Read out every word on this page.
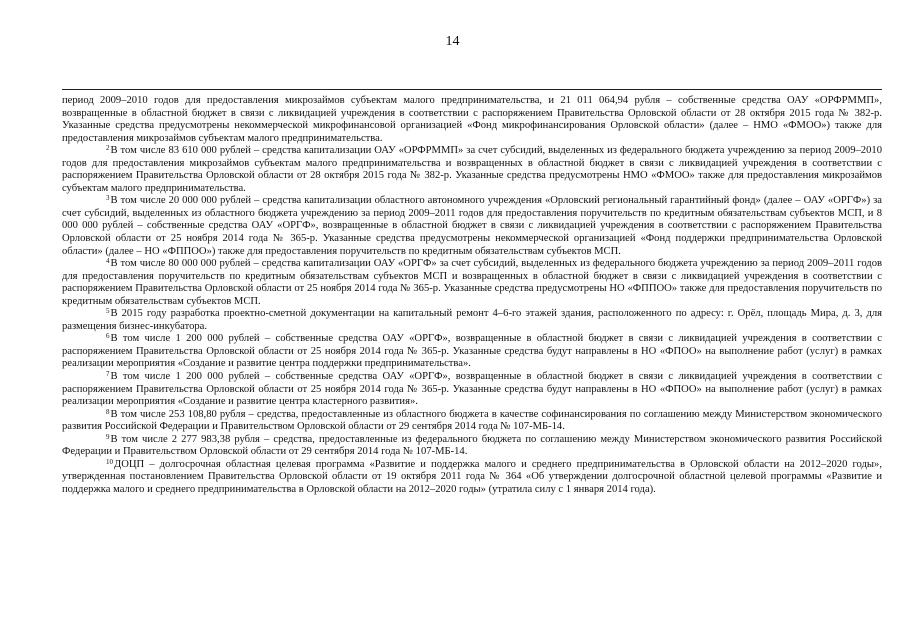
14

период 2009–2010 годов для предоставления микрозаймов субъектам малого предпринимательства, и 21 011 064,94 рубля – собственные средства ОАУ «ОРФРММП», возвращенные в областной бюджет в связи с ликвидацией учреждения в соответствии с распоряжением Правительства Орловской области от 28 октября 2015 года № 382-р. Указанные средства предусмотрены некоммерческой микрофинансовой организацией «Фонд микрофинансирования Орловской области» (далее – НМО «ФМОО») также для предоставления микрозаймов субъектам малого предпринимательства.

$^2$В том числе 83 610 000 рублей – средства капитализации ОАУ «ОРФРММП» за счет субсидий, выделенных из федерального бюджета учреждению за период 2009–2010 годов для предоставления микрозаймов субъектам малого предпринимательства и возвращенных в областной бюджет в связи с ликвидацией учреждения в соответствии с распоряжением Правительства Орловской области от 28 октября 2015 года № 382-р. Указанные средства предусмотрены НМО «ФМОО» также для предоставления микрозаймов субъектам малого предпринимательства.

$^3$В том числе 20 000 000 рублей – средства капитализации областного автономного учреждения «Орловский региональный гарантийный фонд» (далее – ОАУ «ОРГФ») за счет субсидий, выделенных из областного бюджета учреждению за период 2009–2011 годов для предоставления поручительств по кредитным обязательствам субъектов МСП, и 8 000 000 рублей – собственные средства ОАУ «ОРГФ», возвращенные в областной бюджет в связи с ликвидацией учреждения в соответствии с распоряжением Правительства Орловской области от 25 ноября 2014 года № 365-р. Указанные средства предусмотрены некоммерческой организацией «Фонд поддержки предпринимательства Орловской области» (далее – НО «ФППОО») также для предоставления поручительств по кредитным обязательствам субъектов МСП.

$^4$В том числе 80 000 000 рублей – средства капитализации ОАУ «ОРГФ» за счет субсидий, выделенных из федерального бюджета учреждению за период 2009–2011 годов для предоставления поручительств по кредитным обязательствам субъектов МСП и возвращенных в областной бюджет в связи с ликвидацией учреждения в соответствии с распоряжением Правительства Орловской области от 25 ноября 2014 года № 365-р. Указанные средства предусмотрены НО «ФППОО» также для предоставления поручительств по кредитным обязательствам субъектов МСП.

$^5$В 2015 году разработка проектно-сметной документации на капитальный ремонт 4–6-го этажей здания, расположенного по адресу: г. Орёл, площадь Мира, д. 3, для размещения бизнес-инкубатора.

$^6$В том числе 1 200 000 рублей – собственные средства ОАУ «ОРГФ», возвращенные в областной бюджет в связи с ликвидацией учреждения в соответствии с распоряжением Правительства Орловской области от 25 ноября 2014 года № 365-р. Указанные средства будут направлены в НО «ФПОО» на выполнение работ (услуг) в рамках реализации мероприятия «Создание и развитие центра поддержки предпринимательства».

$^7$В том числе 1 200 000 рублей – собственные средства ОАУ «ОРГФ», возвращенные в областной бюджет в связи с ликвидацией учреждения в соответствии с распоряжением Правительства Орловской области от 25 ноября 2014 года № 365-р. Указанные средства будут направлены в НО «ФПОО» на выполнение работ (услуг) в рамках реализации мероприятия «Создание и развитие центра кластерного развития».

$^8$В том числе 253 108,80 рубля – средства, предоставленные из областного бюджета в качестве софинансирования по соглашению между Министерством экономического развития Российской Федерации и Правительством Орловской области от 29 сентября 2014 года № 107-МБ-14.

$^9$В том числе 2 277 983,38 рубля – средства, предоставленные из федерального бюджета по соглашению между Министерством экономического развития Российской Федерации и Правительством Орловской области от 29 сентября 2014 года № 107-МБ-14.

$^{10}$ДОЦП – долгосрочная областная целевая программа «Развитие и поддержка малого и среднего предпринимательства в Орловской области на 2012–2020 годы», утвержденная постановлением Правительства Орловской области от 19 октября 2011 года № 364 «Об утверждении долгосрочной областной целевой программы «Развитие и поддержка малого и среднего предпринимательства в Орловской области на 2012–2020 годы» (утратила силу с 1 января 2014 года).
